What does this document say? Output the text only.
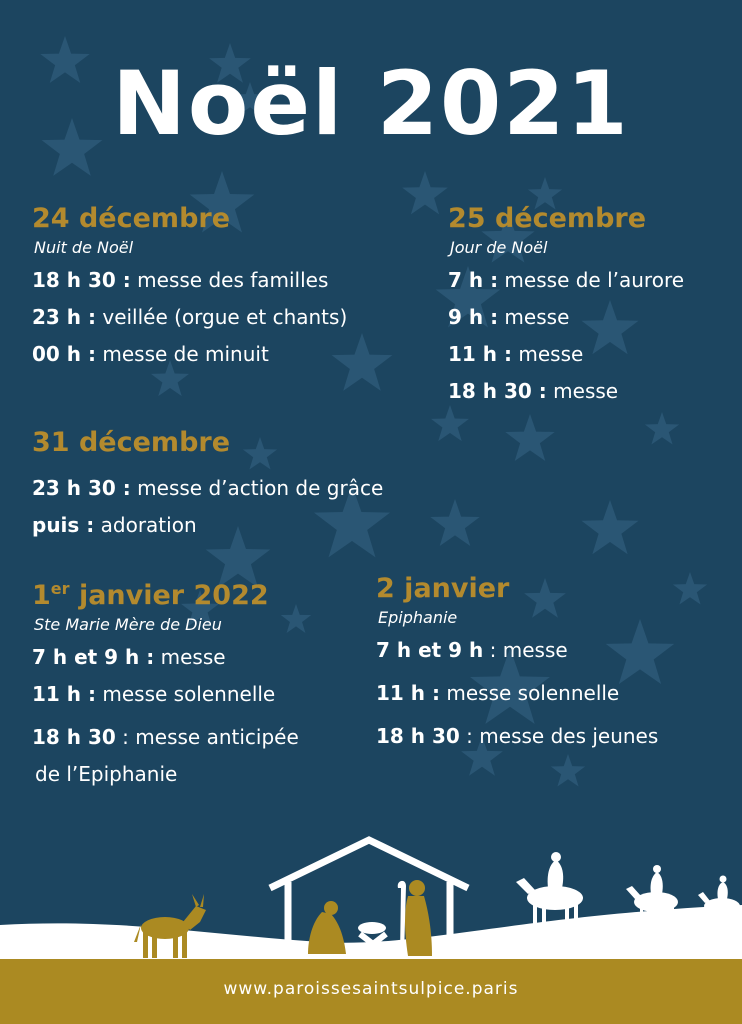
Noël 2021

24 décembre

Nuit de Noël

18 h 30 : messe des familles
23 h : veillée (orgue et chants)
00 h : messe de minuit

25 décembre

Jour de Noël

7 h : messe de l’aurore
9 h : messe
11 h : messe
18 h 30 : messe

31 décembre

23 h 30 : messe d’action de grâce
puis : adoration

1er janvier 2022

Ste Marie Mère de Dieu

7 h et 9 h : messe
11 h : messe solennelle
18 h 30 : messe anticipée
de l’Epiphanie

2 janvier

Epiphanie

7 h et 9 h : messe
11 h : messe solennelle
18 h 30 : messe des jeunes
www.paroissesaintsulpice.paris
